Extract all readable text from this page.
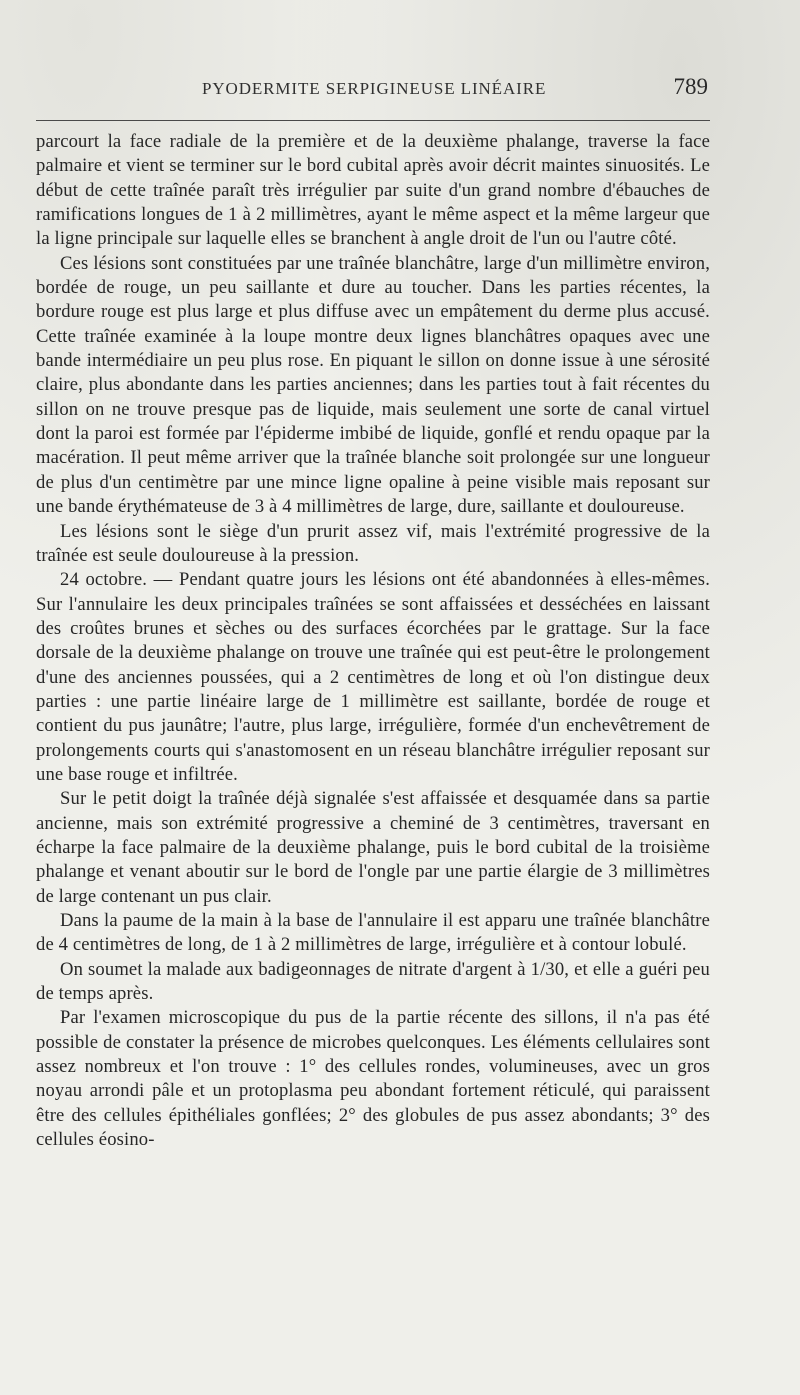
PYODERMITE SERPIGINEUSE LINÉAIRE	789

parcourt la face radiale de la première et de la deuxième phalange, traverse la face palmaire et vient se terminer sur le bord cubital après avoir décrit maintes sinuosités. Le début de cette traînée paraît très irrégulier par suite d'un grand nombre d'ébauches de ramifications longues de 1 à 2 millimètres, ayant le même aspect et la même largeur que la ligne principale sur laquelle elles se branchent à angle droit de l'un ou l'autre côté.

Ces lésions sont constituées par une traînée blanchâtre, large d'un millimètre environ, bordée de rouge, un peu saillante et dure au toucher. Dans les parties récentes, la bordure rouge est plus large et plus diffuse avec un empâtement du derme plus accusé. Cette traînée examinée à la loupe montre deux lignes blanchâtres opaques avec une bande intermédiaire un peu plus rose. En piquant le sillon on donne issue à une sérosité claire, plus abondante dans les parties anciennes; dans les parties tout à fait récentes du sillon on ne trouve presque pas de liquide, mais seulement une sorte de canal virtuel dont la paroi est formée par l'épiderme imbibé de liquide, gonflé et rendu opaque par la macération. Il peut même arriver que la traînée blanche soit prolongée sur une longueur de plus d'un centimètre par une mince ligne opaline à peine visible mais reposant sur une bande érythémateuse de 3 à 4 millimètres de large, dure, saillante et douloureuse.

Les lésions sont le siège d'un prurit assez vif, mais l'extrémité progressive de la traînée est seule douloureuse à la pression.

24 octobre. — Pendant quatre jours les lésions ont été abandonnées à elles-mêmes. Sur l'annulaire les deux principales traînées se sont affaissées et desséchées en laissant des croûtes brunes et sèches ou des surfaces écorchées par le grattage. Sur la face dorsale de la deuxième phalange on trouve une traînée qui est peut-être le prolongement d'une des anciennes poussées, qui a 2 centimètres de long et où l'on distingue deux parties : une partie linéaire large de 1 millimètre est saillante, bordée de rouge et contient du pus jaunâtre; l'autre, plus large, irrégulière, formée d'un enchevêtrement de prolongements courts qui s'anastomosent en un réseau blanchâtre irrégulier reposant sur une base rouge et infiltrée.

Sur le petit doigt la traînée déjà signalée s'est affaissée et desquamée dans sa partie ancienne, mais son extrémité progressive a cheminé de 3 centimètres, traversant en écharpe la face palmaire de la deuxième phalange, puis le bord cubital de la troisième phalange et venant aboutir sur le bord de l'ongle par une partie élargie de 3 millimètres de large contenant un pus clair.

Dans la paume de la main à la base de l'annulaire il est apparu une traînée blanchâtre de 4 centimètres de long, de 1 à 2 millimètres de large, irrégulière et à contour lobulé.

On soumet la malade aux badigeonnages de nitrate d'argent à 1/30, et elle a guéri peu de temps après.

Par l'examen microscopique du pus de la partie récente des sillons, il n'a pas été possible de constater la présence de microbes quelconques. Les éléments cellulaires sont assez nombreux et l'on trouve : 1° des cellules rondes, volumineuses, avec un gros noyau arrondi pâle et un protoplasma peu abondant fortement réticulé, qui paraissent être des cellules épithéliales gonflées; 2° des globules de pus assez abondants; 3° des cellules éosino-
